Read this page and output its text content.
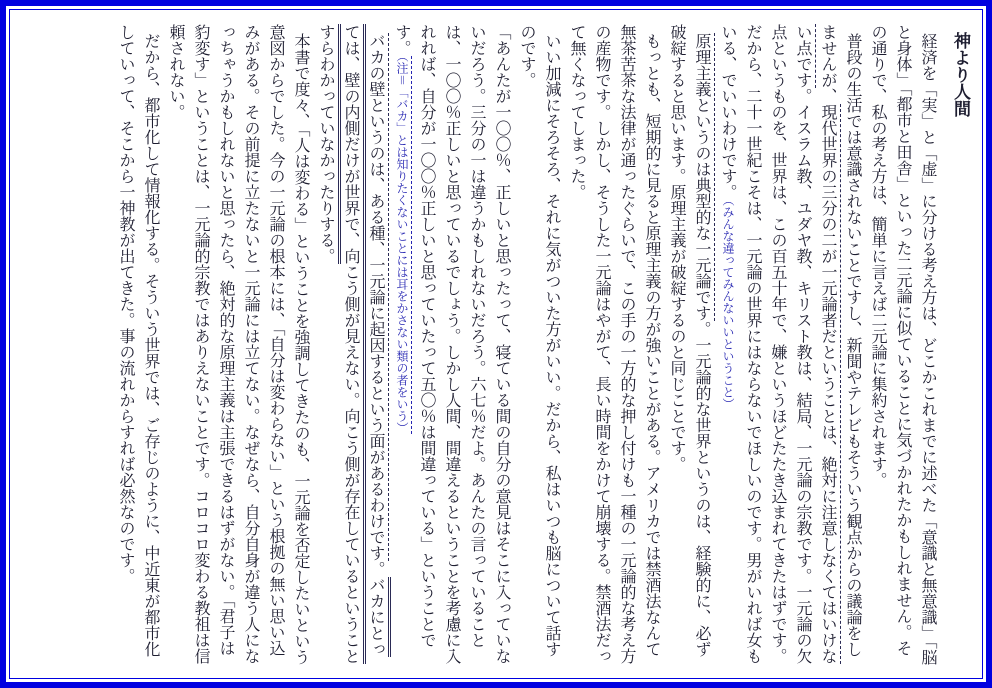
神より人間

経済を「実」と「虚」に分ける考え方は、どこかこれまでに述べた「意識と無意識」「脳と身体」「都市と田舎」といった二元論に似ていることに気づかれたかもしれません。その通りで、私の考え方は、簡単に言えば二元論に集約されます。

普段の生活では意識されないことですし、新聞やテレビもそういう観点からの議論をしませんが、現代世界の三分の二が一元論者だということは、絶対に注意しなくてはいけない点です。イスラム教、ユダヤ教、キリスト教は、結局、一元論の宗教です。一元論の欠点というものを、世界は、この百五十年で、嫌というほどたたき込まれてきたはずです。だから、二十一世紀こそは、一元論の世界にはならないでほしいのです。男がいれば女もいる、でいいわけです。（みんな違ってみんないいということ）

原理主義というのは典型的な一元論です。一元論的な世界というのは、経験的に、必ず破綻すると思います。原理主義が破綻するのと同じことです。

もっとも、短期的に見ると原理主義の方が強いことがある。アメリカでは禁酒法なんて無茶苦茶な法律が通ったぐらいで、この手の一方的な押し付けも一種の一元論的な考え方の産物です。しかし、そうした一元論はやがて、長い時間をかけて崩壊する。禁酒法だって無くなってしまった。

いい加減にそろそろ、それに気がついた方がいい。だから、私はいつも脳について話すのです。

「あんたが一〇〇％、正しいと思ったって、寝ている間の自分の意見はそこに入っていないだろう。三分の一は違うかもしれないだろう。六七％だよ。あんたの言っていることは、一〇〇％正しいと思っているでしょう。しかし人間、間違えるということを考慮に入れれば、自分が一〇〇％正しいと思っていたって五〇％は間違っている」ということです。（注＝「バカ」とは知りたくないことには耳をかさない類の者をいう）

バカの壁というのは、ある種、一元論に起因するという面があるわけです。バカにとっては、壁の内側だけが世界で、向こう側が見えない。向こう側が存在しているということすらわかっていなかったりする。

本書で度々、「人は変わる」ということを強調してきたのも、一元論を否定したいという意図からでした。今の一元論の根本には、「自分は変わらない」という根拠の無い思い込みがある。その前提に立たないと一元論には立てない。なぜなら、自分自身が違う人になっちゃうかもしれないと思ったら、絶対的な原理主義は主張できるはずがない。「君子は豹変す」ということは、一元論的宗教ではありえないことです。コロコロ変わる教祖は信頼されない。

だから、都市化して情報化する。そういう世界では、ご存じのように、中近東が都市化していって、そこから一神教が出てきた。事の流れからすれば必然なのです。
